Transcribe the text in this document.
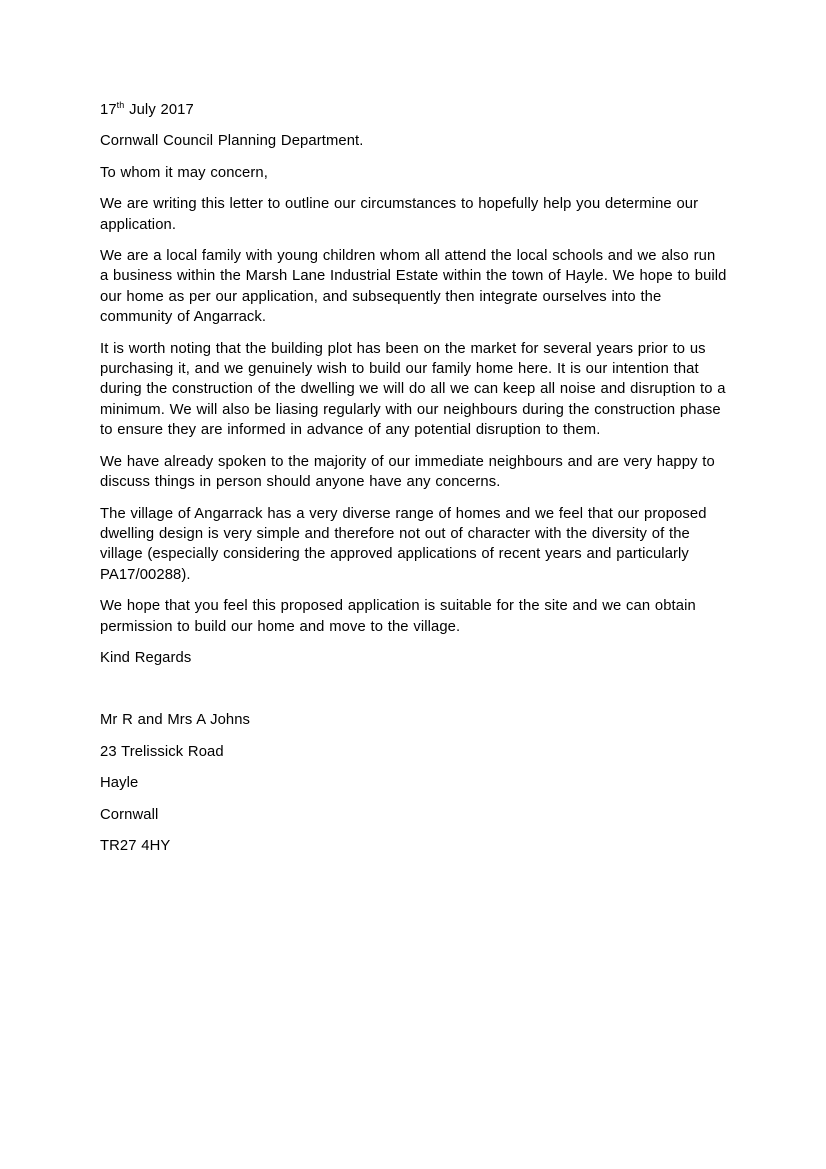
17th July 2017

Cornwall Council Planning Department.

To whom it may concern,

We are writing this letter to outline our circumstances to hopefully help you determine our application.

We are a local family with young children whom all attend the local schools and we also run a business within the Marsh Lane Industrial Estate within the town of Hayle. We hope to build our home as per our application, and subsequently then integrate ourselves into the community of Angarrack.

It is worth noting that the building plot has been on the market for several years prior to us purchasing it, and we genuinely wish to build our family home here. It is our intention that during the construction of the dwelling we will do all we can keep all noise and disruption to a minimum. We will also be liasing regularly with our neighbours during the construction phase to ensure they are informed in advance of any potential disruption to them.

We have already spoken to the majority of our immediate neighbours and are very happy to discuss things in person should anyone have any concerns.

The village of Angarrack has a very diverse range of homes and we feel that our proposed dwelling design is very simple and therefore not out of character with the diversity of the village (especially considering the approved applications of recent years and particularly PA17/00288).

We hope that you feel this proposed application is suitable for the site and we can obtain permission to build our home and move to the village.

Kind Regards

Mr R and Mrs A Johns

23 Trelissick Road

Hayle

Cornwall

TR27 4HY
